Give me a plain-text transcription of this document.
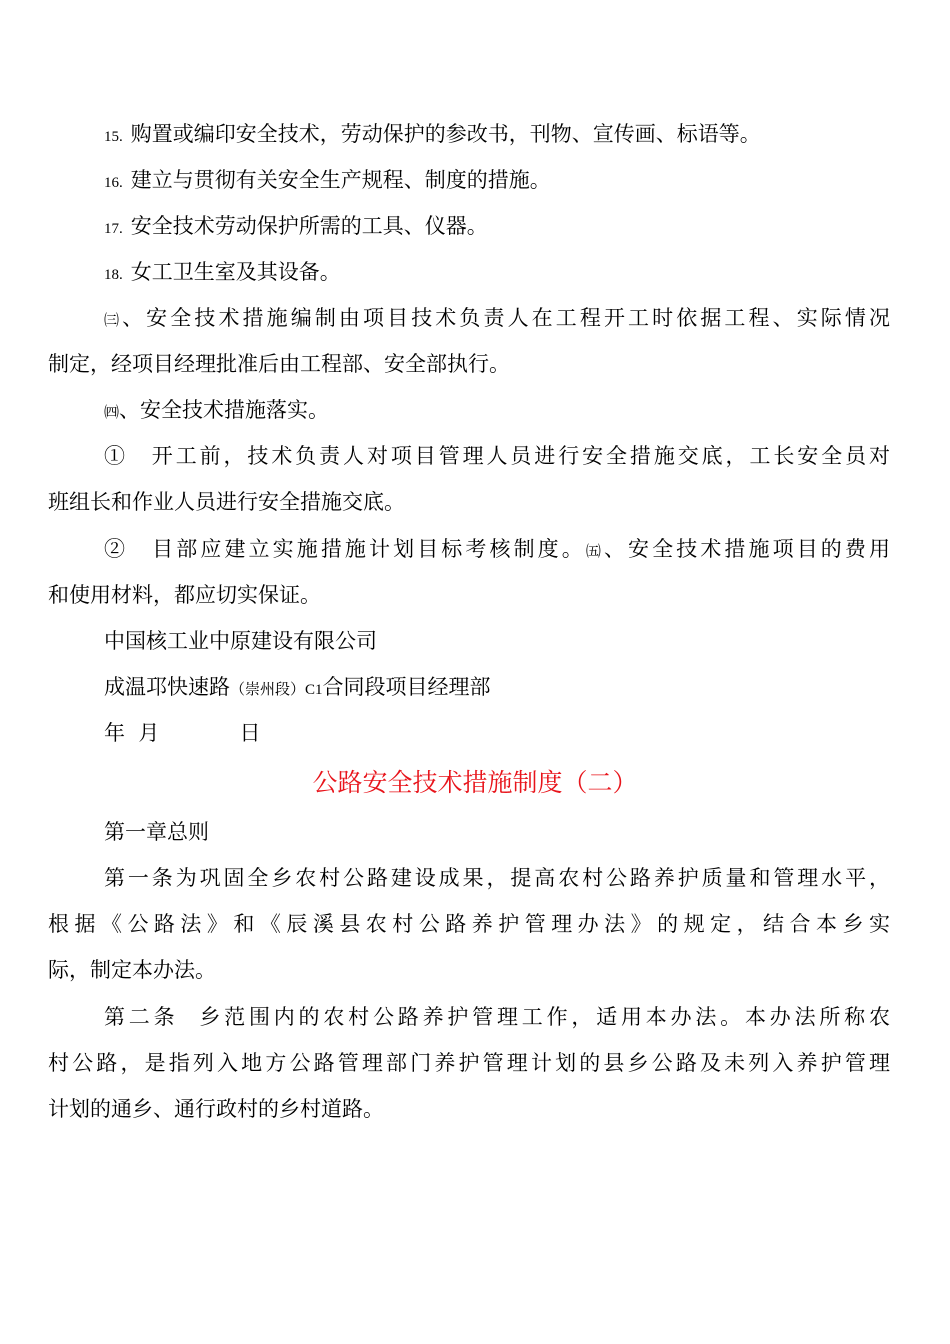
15. 购置或编印安全技术，劳动保护的参改书，刊物、宣传画、标语等。
16. 建立与贯彻有关安全生产规程、制度的措施。
17. 安全技术劳动保护所需的工具、仪器。
18. 女工卫生室及其设备。
㈢、安全技术措施编制由项目技术负责人在工程开工时依据工程、实际情况
制定，经项目经理批准后由工程部、安全部执行。
㈣、安全技术措施落实。
①　开工前，技术负责人对项目管理人员进行安全措施交底，工长安全员对
班组长和作业人员进行安全措施交底。
②　目部应建立实施措施计划目标考核制度。㈤、安全技术措施项目的费用
和使用材料，都应切实保证。
中国核工业中原建设有限公司
成温邛快速路（崇州段）C1合同段项目经理部
年  月            日
公路安全技术措施制度（二）
第一章总则
第一条为巩固全乡农村公路建设成果，提高农村公路养护质量和管理水平，
根据《公路法》和《辰溪县农村公路养护管理办法》的规定，结合本乡实
际，制定本办法。
第二条  乡范围内的农村公路养护管理工作，适用本办法。本办法所称农
村公路，是指列入地方公路管理部门养护管理计划的县乡公路及未列入养护管理
计划的通乡、通行政村的乡村道路。
